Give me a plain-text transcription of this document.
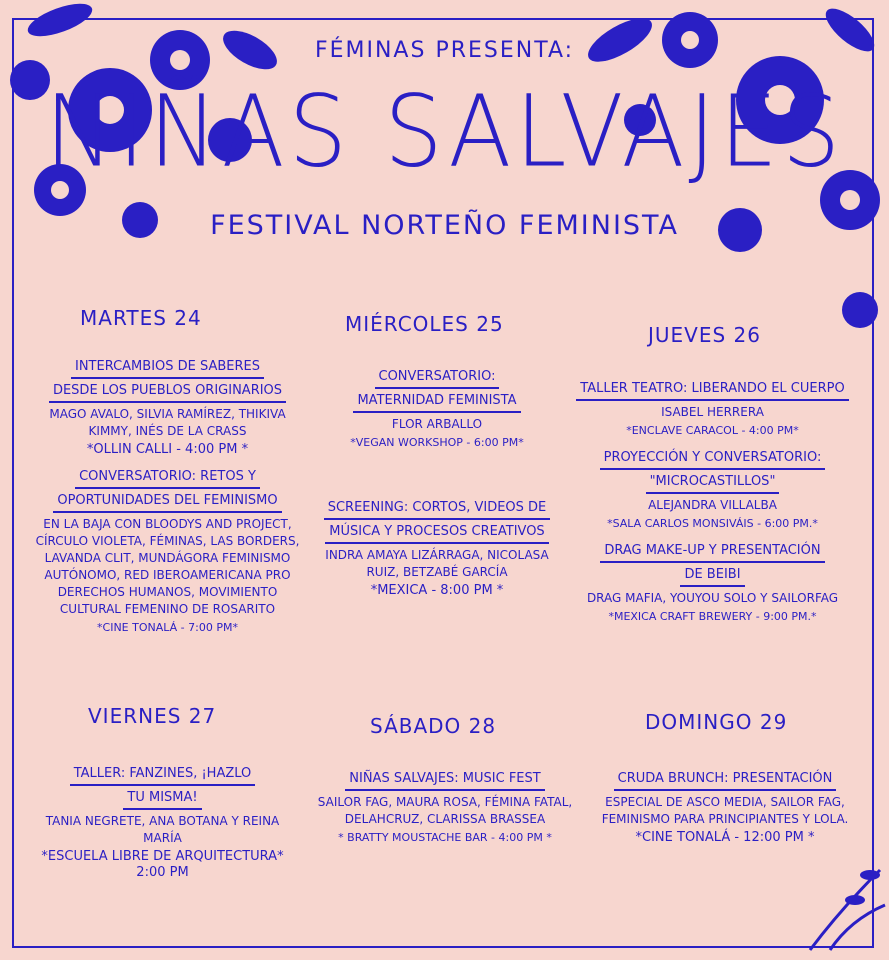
FÉMINAS PRESENTA:
NIÑAS SALVAJES
FESTIVAL NORTEÑO FEMINISTA
MARTES 24	MIÉRCOLES 25	JUEVES 26
VIERNES 27	SÁBADO 28	DOMINGO 29
INTERCAMBIOS DE SABERES
DESDE LOS PUEBLOS ORIGINARIOS
MAGO AVALO, SILVIA RAMÍREZ, THIKIVA KIMMY, INÉS DE LA CRASS
*OLLIN CALLI - 4:00 PM *
CONVERSATORIO: RETOS Y
OPORTUNIDADES DEL FEMINISMO
EN LA BAJA CON BLOODYS AND PROJECT, CÍRCULO VIOLETA, FÉMINAS, LAS BORDERS, LAVANDA CLIT, MUNDÁGORA FEMINISMO AUTÓNOMO, RED IBEROAMERICANA PRO DERECHOS HUMANOS, MOVIMIENTO CULTURAL FEMENINO DE ROSARITO
*CINE TONALÁ - 7:00 PM*
CONVERSATORIO:
MATERNIDAD FEMINISTA
FLOR ARBALLO
*VEGAN WORKSHOP - 6:00 PM*
SCREENING: CORTOS, VIDEOS DE
MÚSICA Y PROCESOS CREATIVOS
INDRA AMAYA LIZÁRRAGA, NICOLASA RUIZ, BETZABÉ GARCÍA
*MEXICA - 8:00 PM *
TALLER TEATRO: LIBERANDO EL CUERPO
ISABEL HERRERA
*ENCLAVE CARACOL - 4:00 PM*
PROYECCIÓN Y CONVERSATORIO:
"MICROCASTILLOS"
ALEJANDRA VILLALBA
*SALA CARLOS MONSIVÁIS - 6:00 PM.*
DRAG MAKE-UP Y PRESENTACIÓN
DE BEIBI
DRAG MAFIA, YOUYOU SOLO Y SAILORFAG
*MEXICA CRAFT BREWERY - 9:00 PM.*
TALLER: FANZINES, ¡HAZLO
TU MISMA!
TANIA NEGRETE, ANA BOTANA Y REINA MARÍA
*ESCUELA LIBRE DE ARQUITECTURA* 2:00 PM
NIÑAS SALVAJES: MUSIC FEST
SAILOR FAG, MAURA ROSA, FÉMINA FATAL, DELAHCRUZ, CLARISSA BRASSEA
* BRATTY MOUSTACHE BAR - 4:00 PM *
CRUDA BRUNCH: PRESENTACIÓN
ESPECIAL DE ASCO MEDIA, SAILOR FAG, FEMINISMO PARA PRINCIPIANTES Y LOLA.
*CINE TONALÁ - 12:00 PM *
